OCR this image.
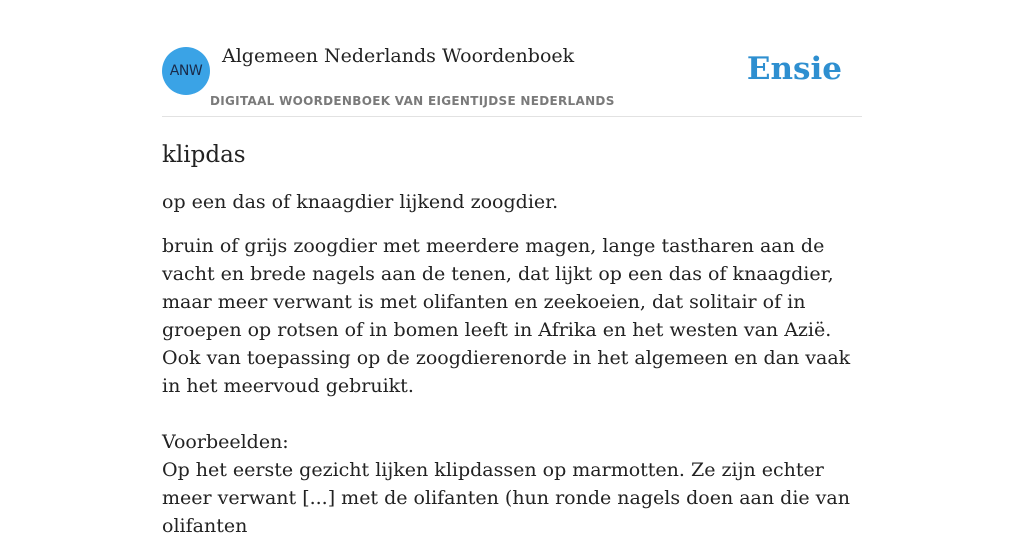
ANW
Algemeen Nederlands Woordenboek
DIGITAAL WOORDENBOEK VAN EIGENTIJDSE NEDERLANDS
Ensie
klipdas

op een das of knaagdier lijkend zoogdier.

bruin of grijs zoogdier met meerdere magen, lange tastharen aan de vacht en brede nagels aan de tenen, dat lijkt op een das of knaagdier, maar meer verwant is met olifanten en zeekoeien, dat solitair of in groepen op rotsen of in bomen leeft in Afrika en het westen van Azië.

Ook van toepassing op de zoogdierenorde in het algemeen en dan vaak in het meervoud gebruikt.

Voorbeelden:

Op het eerste gezicht lijken klipdassen op marmotten. Ze zijn echter meer verwant [...] met de olifanten (hun ronde nagels doen aan die van olifanten
